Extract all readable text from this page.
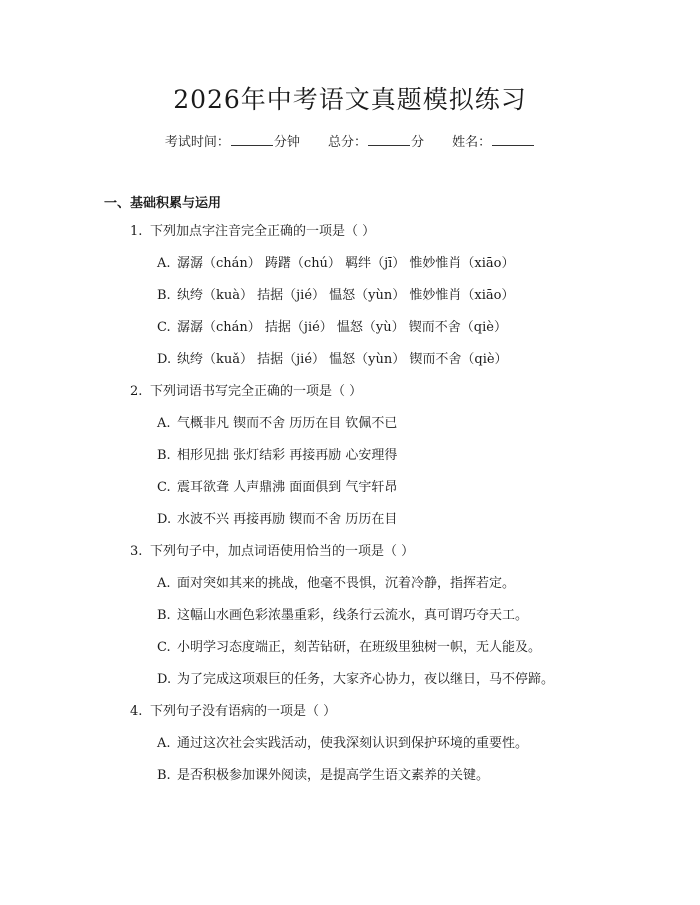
2026年中考语文真题模拟练习
考试时间：	分钟 总分：	分 姓名：
一、基础积累与运用
1. 下列加点字注音完全正确的一项是（ ）
A. 潺潺（chán） 踌躇（chú） 羁绊（jī） 惟妙惟肖（xiāo）
B. 纨绔（kuà） 拮据（jié） 愠怒（yùn） 惟妙惟肖（xiāo）
C. 潺潺（chán） 拮据（jié） 愠怒（yù） 锲而不舍（qiè）
D. 纨绔（kuǎ） 拮据（jié） 愠怒（yùn） 锲而不舍（qiè）
2. 下列词语书写完全正确的一项是（ ）
A. 气概非凡 锲而不舍 历历在目 钦佩不已
B. 相形见拙 张灯结彩 再接再励 心安理得
C. 震耳欲聋 人声鼎沸 面面俱到 气宇轩昂
D. 水波不兴 再接再励 锲而不舍 历历在目
3. 下列句子中，加点词语使用恰当的一项是（ ）
A. 面对突如其来的挑战，他毫不畏惧，沉着冷静，指挥若定。
B. 这幅山水画色彩浓墨重彩，线条行云流水，真可谓巧夺天工。
C. 小明学习态度端正，刻苦钻研，在班级里独树一帜，无人能及。
D. 为了完成这项艰巨的任务，大家齐心协力，夜以继日，马不停蹄。
4. 下列句子没有语病的一项是（ ）
A. 通过这次社会实践活动，使我深刻认识到保护环境的重要性。
B. 是否积极参加课外阅读，是提高学生语文素养的关键。
